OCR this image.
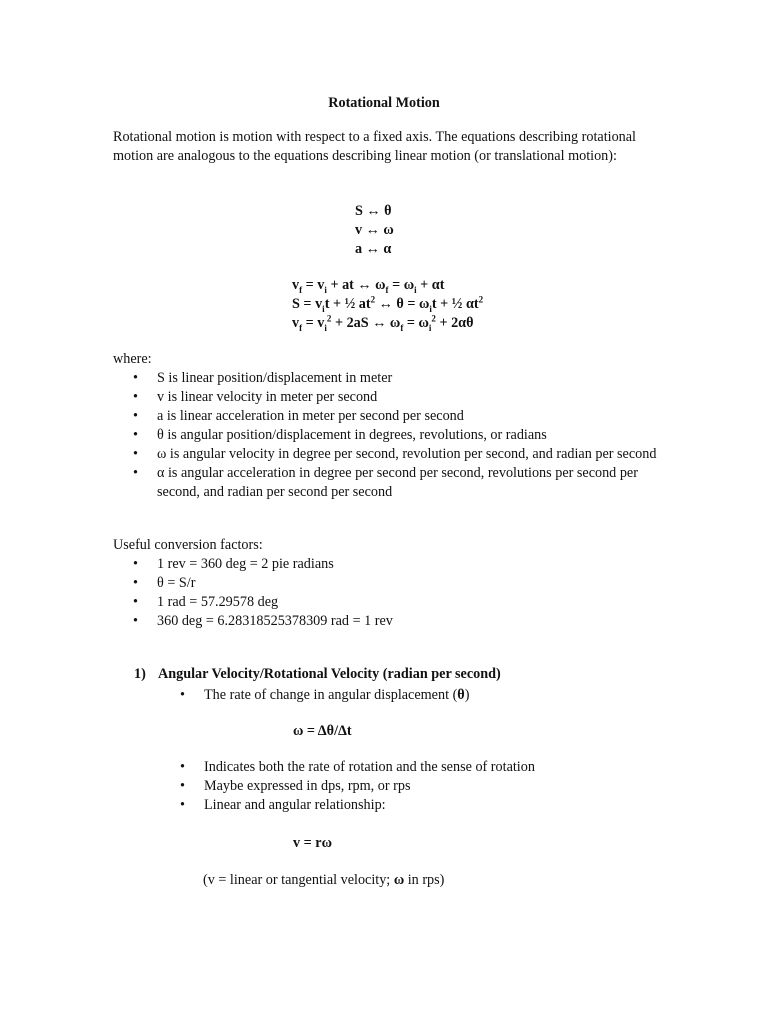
Rotational Motion
Rotational motion is motion with respect to a fixed axis. The equations describing rotational motion are analogous to the equations describing linear motion (or translational motion):
S ↔ θ
v ↔ ω
a ↔ α
$v_f = v_i$ + at ↔ $\omega_f = \omega_i + \alpha t$
$S = v_it$ + ½ $at^2$ ↔ $\theta = \omega_it$ + ½ $\alpha t^2$
$v_f = v_i^2 + 2aS$ ↔ $\omega_f = \omega_i^2 + 2\alpha\theta$
where:
• S is linear position/displacement in meter
• v is linear velocity in meter per second
• a is linear acceleration in meter per second per second
• θ is angular position/displacement in degrees, revolutions, or radians
• ω is angular velocity in degree per second, revolution per second, and radian per second
• α is angular acceleration in degree per second per second, revolutions per second per second, and radian per second per second
Useful conversion factors:
• 1 rev = 360 deg = 2 pie radians
• θ = S/r
• 1 rad = 57.29578 deg
• 360 deg = 6.28318525378309 rad = 1 rev
1) Angular Velocity/Rotational Velocity (radian per second)
• The rate of change in angular displacement (θ)
ω = Δθ/Δt
• Indicates both the rate of rotation and the sense of rotation
• Maybe expressed in dps, rpm, or rps
• Linear and angular relationship:
v = rω
(v = linear or tangential velocity; ω in rps)
